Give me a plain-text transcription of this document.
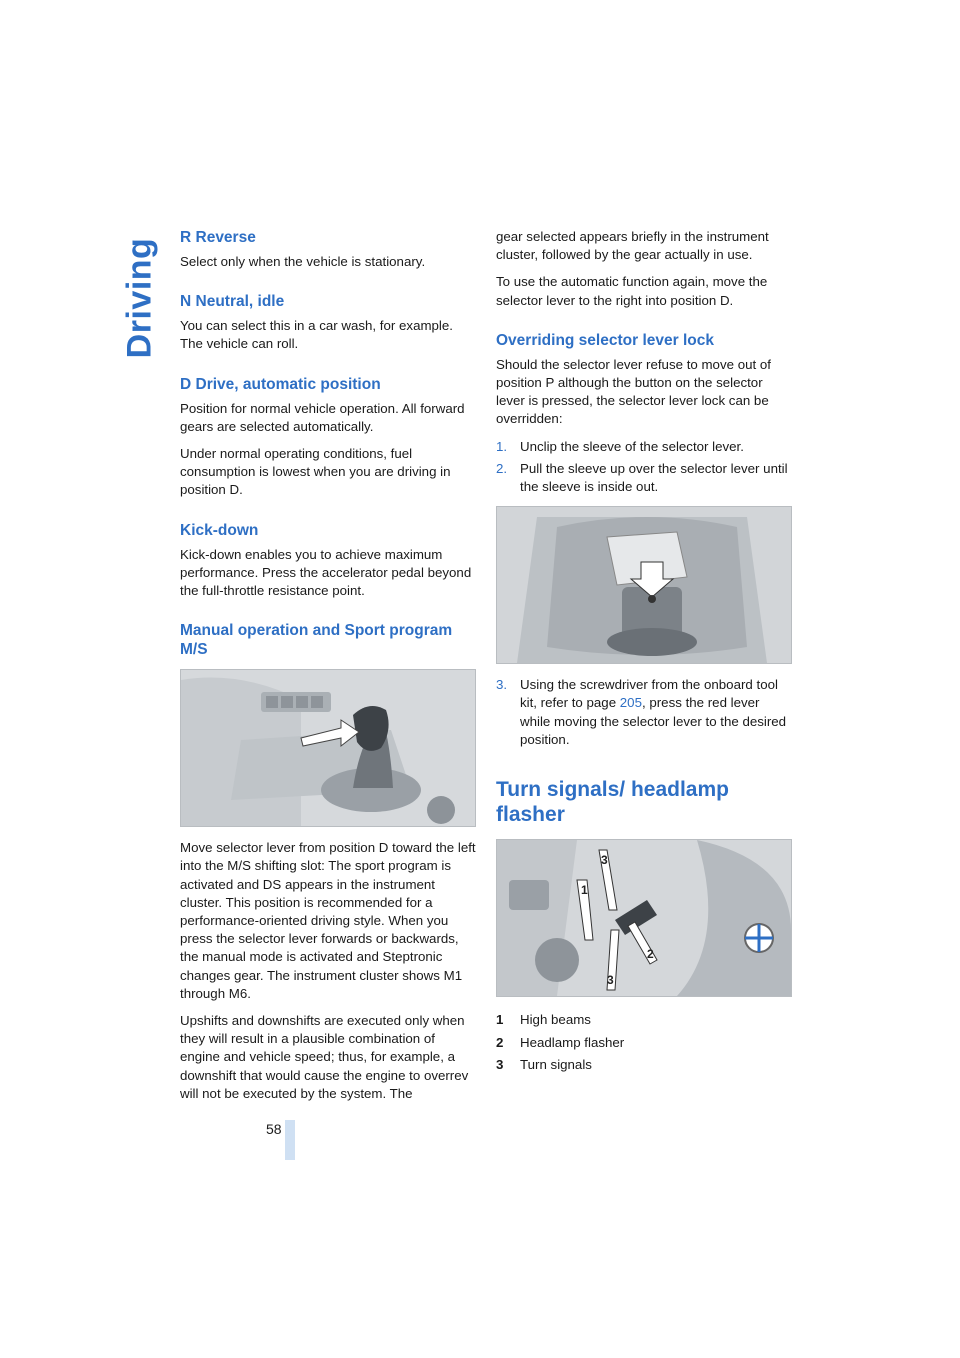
Driving
R Reverse

Select only when the vehicle is stationary.

N Neutral, idle

You can select this in a car wash, for example. The vehicle can roll.

D Drive, automatic position

Position for normal vehicle operation. All forward gears are selected automatically.

Under normal operating conditions, fuel consumption is lowest when you are driving in position D.

Kick-down

Kick-down enables you to achieve maximum performance. Press the accelerator pedal beyond the full-throttle resistance point.

Manual operation and Sport program M/S

Move selector lever from position D toward the left into the M/S shifting slot: The sport program is activated and DS appears in the instrument cluster. This position is recommended for a performance-oriented driving style. When you press the selector lever forwards or backwards, the manual mode is activated and Steptronic changes gear. The instrument cluster shows M1 through M6.

Upshifts and downshifts are executed only when they will result in a plausible combination of engine and vehicle speed; thus, for example, a downshift that would cause the engine to overrev will not be executed by the system. The

gear selected appears briefly in the instrument cluster, followed by the gear actually in use.

To use the automatic function again, move the selector lever to the right into position D.

Overriding selector lever lock

Should the selector lever refuse to move out of position P although the button on the selector lever is pressed, the selector lever lock can be overridden:

1. Unclip the sleeve of the selector lever.
2. Pull the sleeve up over the selector lever until the sleeve is inside out.
3. Using the screwdriver from the onboard tool kit, refer to page 205, press the red lever while moving the selector lever to the desired position.
Turn signals/ headlamp flasher
1
3
2
3
1 High beams
2 Headlamp flasher
3 Turn signals
58
